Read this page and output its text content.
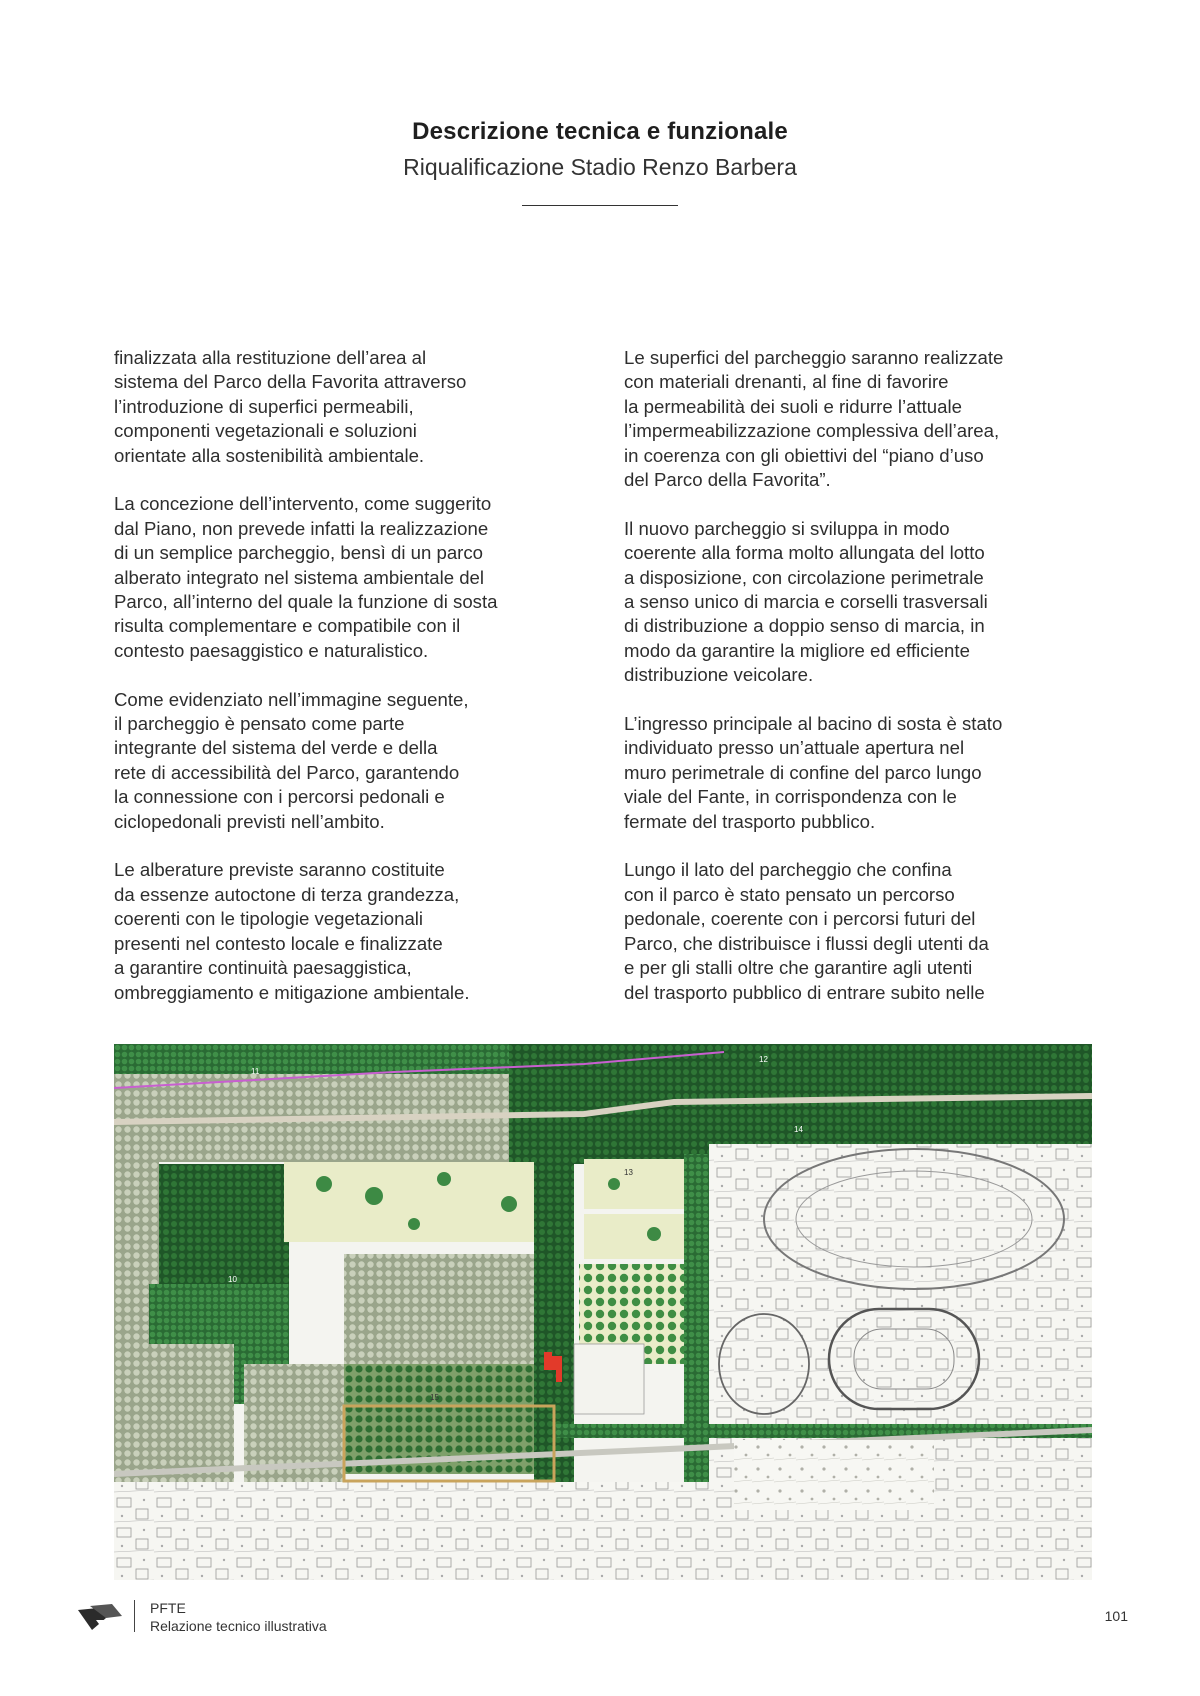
Descrizione tecnica e funzionale
Riqualificazione Stadio Renzo Barbera

finalizzata alla restituzione dell’area al
sistema del Parco della Favorita attraverso
l’introduzione di superfici permeabili,
componenti vegetazionali e soluzioni
orientate alla sostenibilità ambientale.

La concezione dell’intervento, come suggerito
dal Piano, non prevede infatti la realizzazione
di un semplice parcheggio, bensì di un parco
alberato integrato nel sistema ambientale del
Parco, all’interno del quale la funzione di sosta
risulta complementare e compatibile con il
contesto paesaggistico e naturalistico.

Come evidenziato nell’immagine seguente,
il parcheggio è pensato come parte
integrante del sistema del verde e della
rete di accessibilità del Parco, garantendo
la connessione con i percorsi pedonali e
ciclopedonali previsti nell’ambito.

Le alberature previste saranno costituite
da essenze autoctone di terza grandezza,
coerenti con le tipologie vegetazionali
presenti nel contesto locale e finalizzate
a garantire continuità paesaggistica,
ombreggiamento e mitigazione ambientale.

Le superfici del parcheggio saranno realizzate
con materiali drenanti, al fine di favorire
la permeabilità dei suoli e ridurre l’attuale
l’impermeabilizzazione complessiva dell’area,
in coerenza con gli obiettivi del “piano d’uso
del Parco della Favorita”.

Il nuovo parcheggio si sviluppa in modo
coerente alla forma molto allungata del lotto
a disposizione, con circolazione perimetrale
a senso unico di marcia e corselli trasversali
di distribuzione a doppio senso di marcia, in
modo da garantire la migliore ed efficiente
distribuzione veicolare.

L’ingresso principale al bacino di sosta è stato
individuato presso un’attuale apertura nel
muro perimetrale di confine del parco lungo
viale del Fante, in corrispondenza con le
fermate del trasporto pubblico.

Lungo il lato del parcheggio che confina
con il parco è stato pensato un percorso
pedonale, coerente con i percorsi futuri del
Parco, che distribuisce i flussi degli utenti da
e per gli stalli oltre che garantire agli utenti
del trasporto pubblico di entrare subito nelle

11
12
13
14
10
15
PFTE
Relazione tecnico illustrativa
101
